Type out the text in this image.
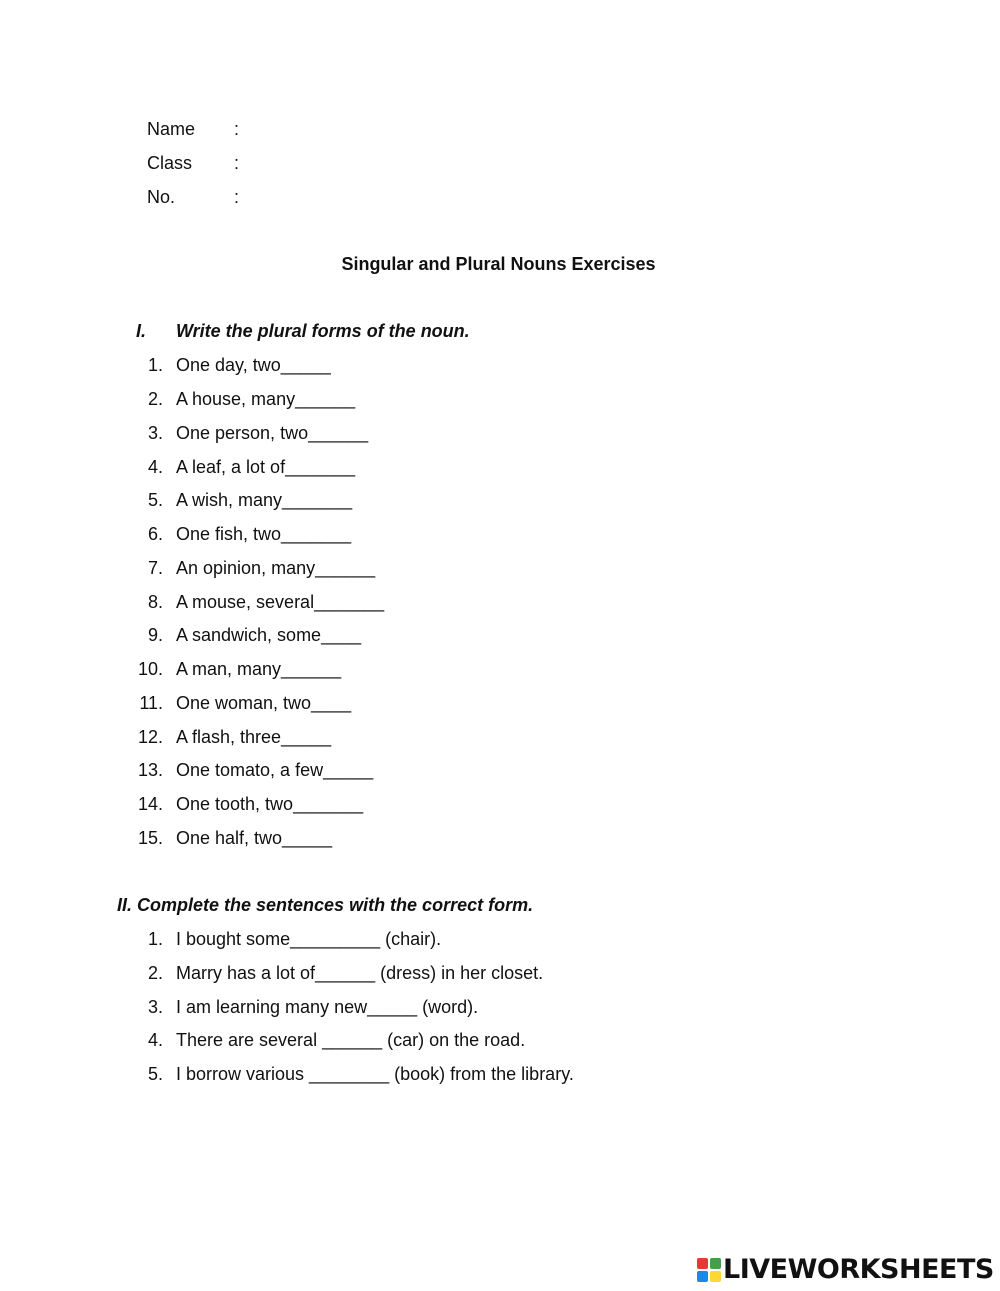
Name :
Class :
No.	:
Singular and Plural Nouns Exercises
I. Write the plural forms of the noun.
1. One day, two_____
2. A house, many______
3. One person, two______
4. A leaf, a lot of_______
5. A wish, many_______
6. One fish, two_______
7. An opinion, many______
8. A mouse, several_______
9. A sandwich, some____
10. A man, many______
11. One woman, two____
12. A flash, three_____
13. One tomato, a few_____
14. One tooth, two_______
15. One half, two_____
II. Complete the sentences with the correct form.
1. I bought some_________ (chair).
2. Marry has a lot of______ (dress) in her closet.
3. I am learning many new_____ (word).
4. There are several ______ (car) on the road.
5. I borrow various ________ (book) from the library.
LIVEWORKSHEETS
